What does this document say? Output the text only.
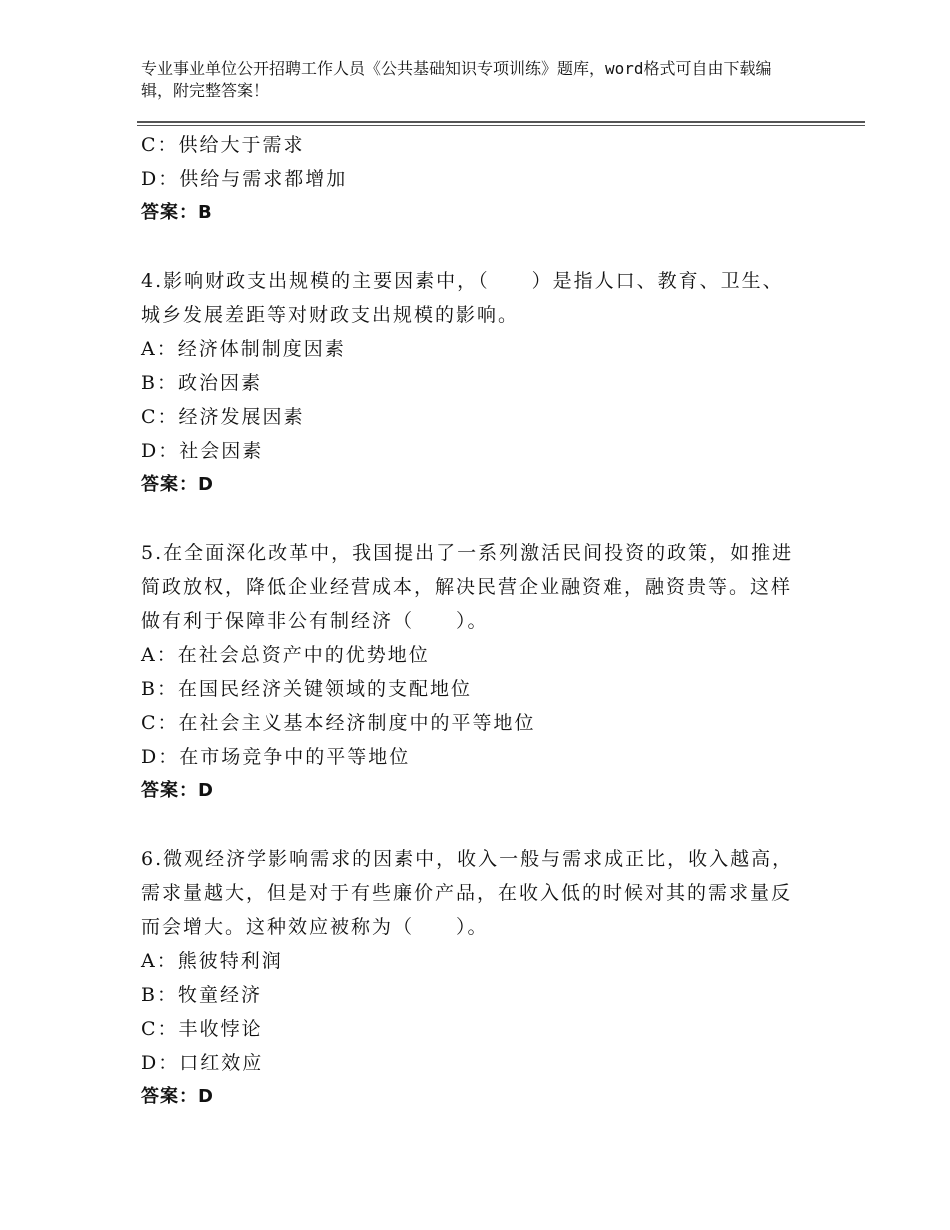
专业事业单位公开招聘工作人员《公共基础知识专项训练》题库，word格式可自由下载编辑，附完整答案！
C：供给大于需求
D：供给与需求都增加
答案：B
4.影响财政支出规模的主要因素中，（　　）是指人口、教育、卫生、城乡发展差距等对财政支出规模的影响。
A：经济体制制度因素
B：政治因素
C：经济发展因素
D：社会因素
答案：D
5.在全面深化改革中，我国提出了一系列激活民间投资的政策，如推进简政放权，降低企业经营成本，解决民营企业融资难，融资贵等。这样做有利于保障非公有制经济（　　）。
A：在社会总资产中的优势地位
B：在国民经济关键领域的支配地位
C：在社会主义基本经济制度中的平等地位
D：在市场竞争中的平等地位
答案：D
6.微观经济学影响需求的因素中，收入一般与需求成正比，收入越高，需求量越大，但是对于有些廉价产品，在收入低的时候对其的需求量反而会增大。这种效应被称为（　　）。
A：熊彼特利润
B：牧童经济
C：丰收悖论
D：口红效应
答案：D
